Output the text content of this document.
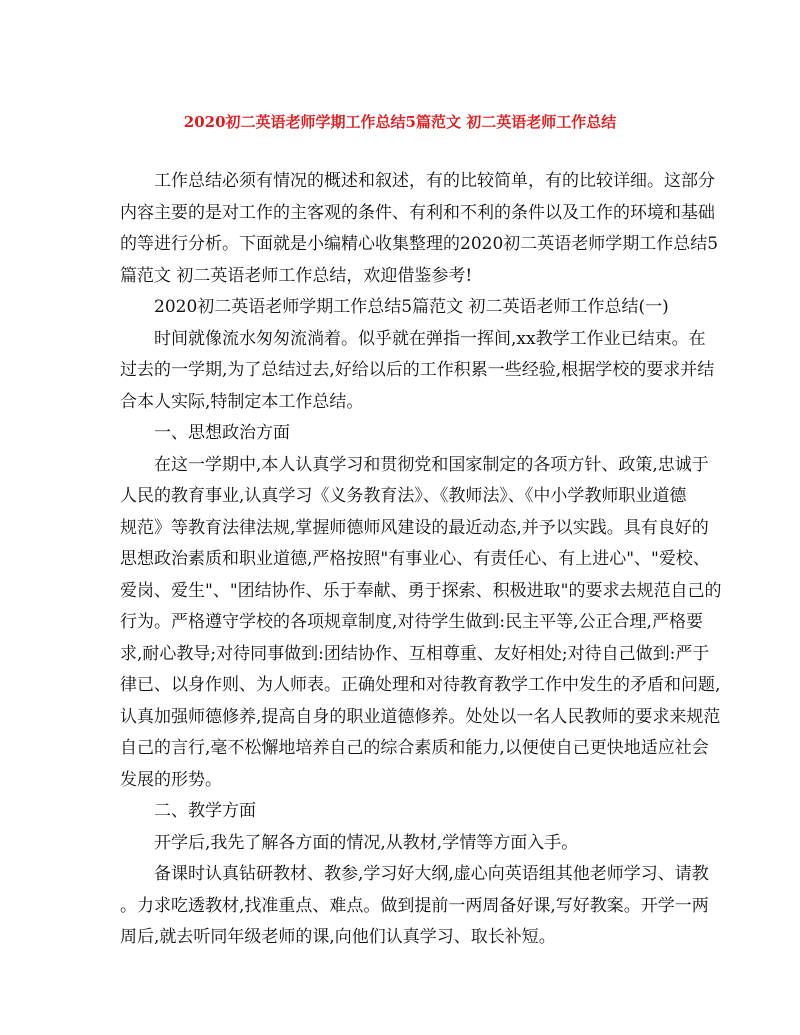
2020初二英语老师学期工作总结5篇范文 初二英语老师工作总结
工作总结必须有情况的概述和叙述，有的比较简单，有的比较详细。这部分
内容主要的是对工作的主客观的条件、有利和不利的条件以及工作的环境和基础
的等进行分析。下面就是小编精心收集整理的2020初二英语老师学期工作总结5
篇范文 初二英语老师工作总结，欢迎借鉴参考!
2020初二英语老师学期工作总结5篇范文 初二英语老师工作总结(一)
时间就像流水匆匆流淌着。似乎就在弹指一挥间,xx教学工作业已结束。在
过去的一学期,为了总结过去,好给以后的工作积累一些经验,根据学校的要求并结
合本人实际,特制定本工作总结。
一、思想政治方面
在这一学期中,本人认真学习和贯彻党和国家制定的各项方针、政策,忠诚于
人民的教育事业,认真学习《义务教育法》、《教师法》、《中小学教师职业道德
规范》等教育法律法规,掌握师德师风建设的最近动态,并予以实践。具有良好的
思想政治素质和职业道德,严格按照"有事业心、有责任心、有上进心"、"爱校、
爱岗、爱生"、"团结协作、乐于奉献、勇于探索、积极进取"的要求去规范自己的
行为。严格遵守学校的各项规章制度,对待学生做到:民主平等,公正合理,严格要
求,耐心教导;对待同事做到:团结协作、互相尊重、友好相处;对待自己做到:严于
律已、以身作则、为人师表。正确处理和对待教育教学工作中发生的矛盾和问题,
认真加强师德修养,提高自身的职业道德修养。处处以一名人民教师的要求来规范
自己的言行,毫不松懈地培养自己的综合素质和能力,以便使自己更快地适应社会
发展的形势。
二、教学方面
开学后,我先了解各方面的情况,从教材,学情等方面入手。
备课时认真钻研教材、教参,学习好大纲,虚心向英语组其他老师学习、请教
。力求吃透教材,找准重点、难点。做到提前一两周备好课,写好教案。开学一两
周后,就去听同年级老师的课,向他们认真学习、取长补短。
